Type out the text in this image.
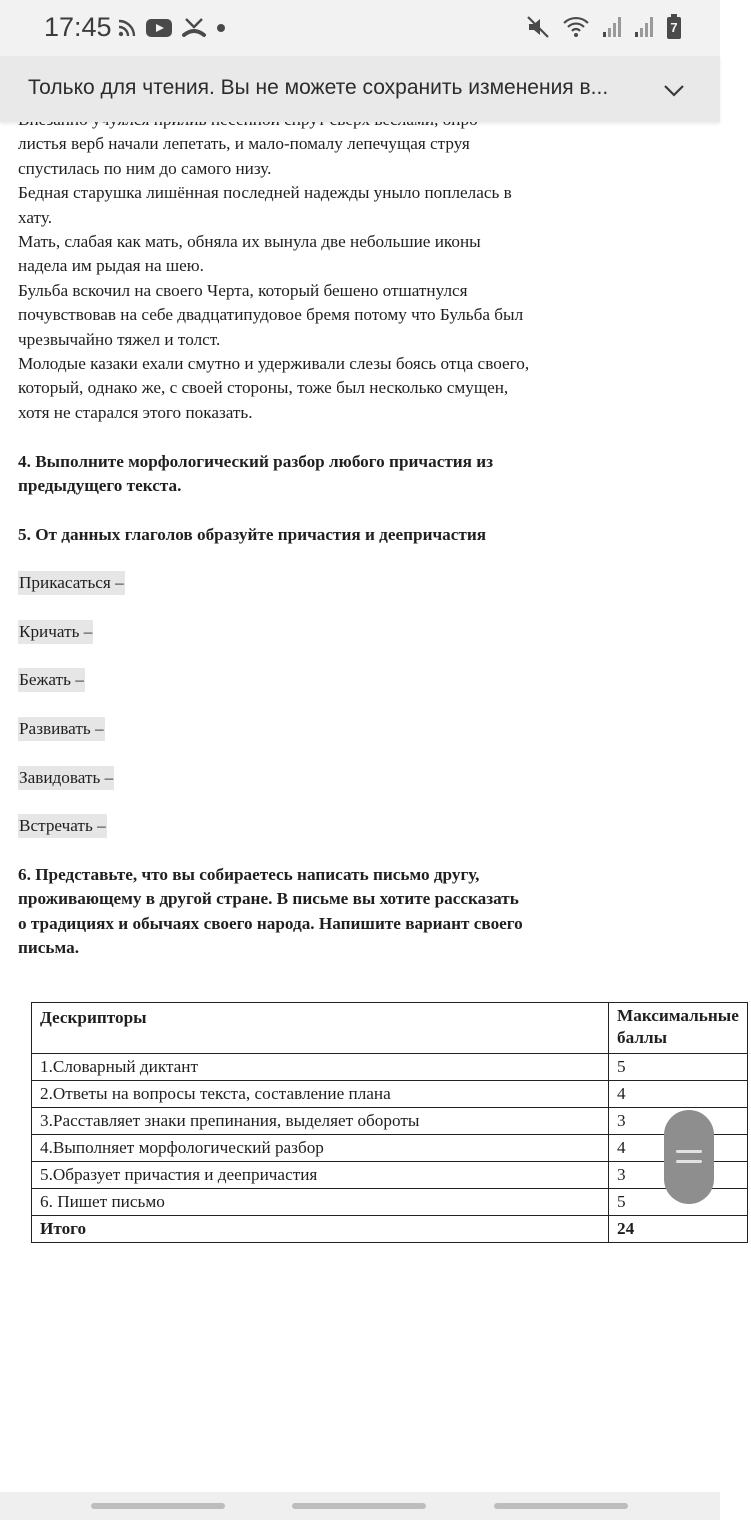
17:45	7
Только для чтения. Вы не можете сохранить изменения в...

листья верб начали лепетать, и мало-помалу лепечущая струя

спустилась по ним до самого низу.

Бедная старушка лишённая последней надежды уныло поплелась в

хату.

Мать, слабая как мать, обняла их вынула две небольшие иконы

надела им рыдая на шею.

Бульба вскочил на своего Черта, который бешено отшатнулся

почувствовав на себе двадцатипудовое бремя потому что Бульба был

чрезвычайно тяжел и толст.

Молодые казаки ехали смутно и удерживали слезы боясь отца своего,

который, однако же, с своей стороны, тоже был несколько смущен,

хотя не старался этого показать.

4. Выполните морфологический разбор любого причастия из

предыдущего текста.

5. От данных глаголов образуйте причастия и деепричастия

Прикасаться –
Кричать –
Бежать –
Развивать –
Завидовать –
Встречать –

6. Представьте, что вы собираетесь написать письмо другу,

проживающему в другой стране. В письме вы хотите рассказать

о традициях и обычаях своего народа. Напишите вариант своего

письма.

Дескрипторы	Максимальные
баллы
1.Словарный диктант	5
2.Ответы на вопросы текста, составление плана	4
3.Расставляет знаки препинания, выделяет обороты	3
4.Выполняет морфологический разбор	4
5.Образует причастия и деепричастия	3
6. Пишет письмо	5
Итого	24
